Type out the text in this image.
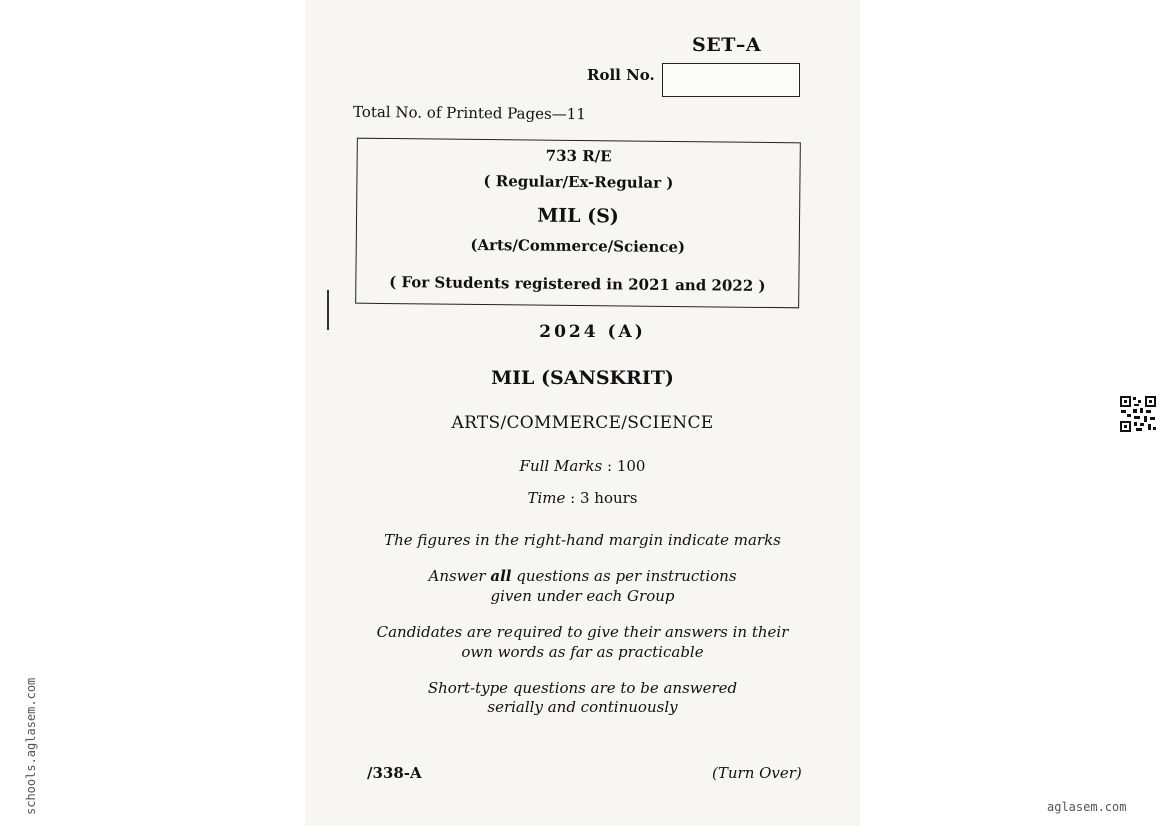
SET–A
Roll No.
Total No. of Printed Pages—11
733 R/E
( Regular/Ex-Regular )
MIL (S)
(Arts/Commerce/Science)
( For Students registered in 2021 and 2022 )
2024 (A)
MIL (SANSKRIT)
ARTS/COMMERCE/SCIENCE
Full Marks : 100
Time : 3 hours
The figures in the right-hand margin indicate marks
Answer all questions as per instructions
given under each Group
Candidates are required to give their answers in their
own words as far as practicable
Short-type questions are to be answered
serially and continuously
/338-A	(Turn Over)
schools.aglasem.com	aglasem.com
